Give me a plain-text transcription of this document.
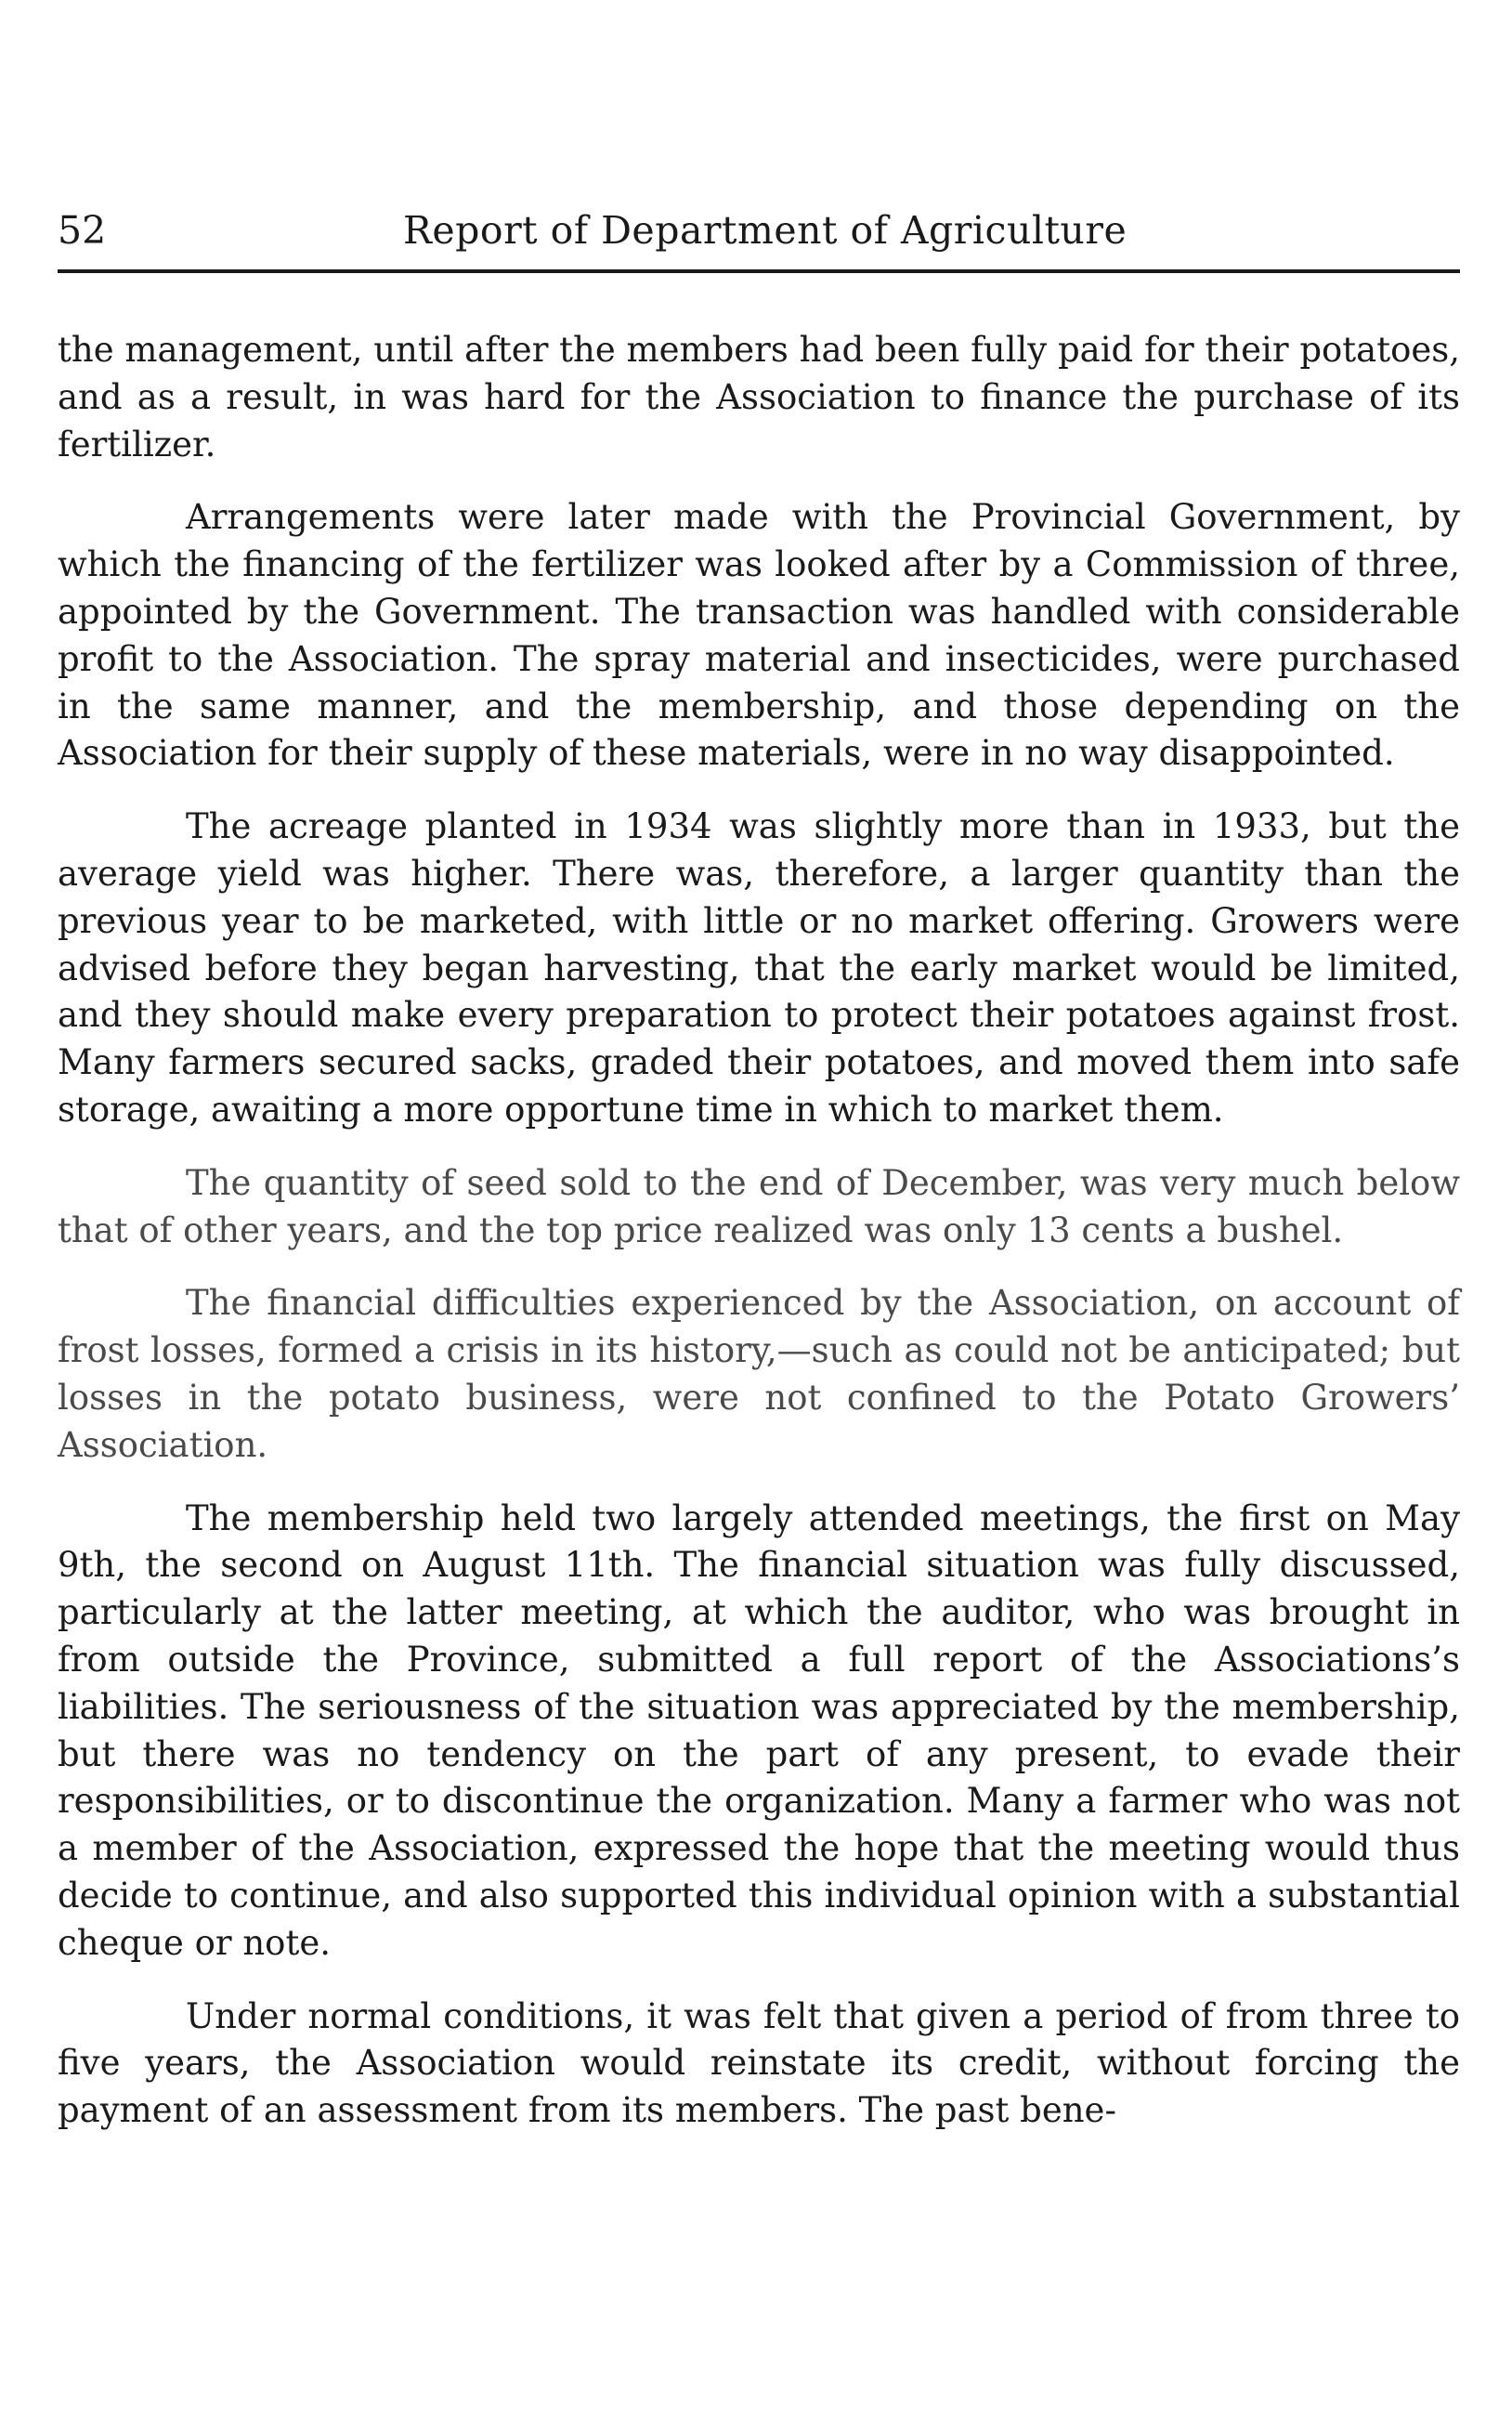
52	Report of Department of Agriculture

the management, until after the members had been fully paid for their potatoes, and as a result, in was hard for the Association to finance the purchase of its fertilizer.

Arrangements were later made with the Provincial Government, by which the financing of the fertilizer was looked after by a Commission of three, appointed by the Government. The transaction was handled with considerable profit to the Association. The spray material and insecticides, were purchased in the same manner, and the membership, and those depending on the Association for their supply of these materials, were in no way disappointed.

The acreage planted in 1934 was slightly more than in 1933, but the average yield was higher. There was, therefore, a larger quantity than the previous year to be marketed, with little or no market offering. Growers were advised before they began harvesting, that the early market would be limited, and they should make every preparation to protect their potatoes against frost. Many farmers secured sacks, graded their potatoes, and moved them into safe storage, awaiting a more opportune time in which to market them.

The quantity of seed sold to the end of December, was very much below that of other years, and the top price realized was only 13 cents a bushel.

The financial difficulties experienced by the Association, on account of frost losses, formed a crisis in its history,—such as could not be anticipated; but losses in the potato business, were not confined to the Potato Growers’ Association.

The membership held two largely attended meetings, the first on May 9th, the second on August 11th. The financial situation was fully discussed, particularly at the latter meeting, at which the auditor, who was brought in from outside the Province, submitted a full report of the Associations’s liabilities. The seriousness of the situation was appreciated by the membership, but there was no tendency on the part of any present, to evade their responsibilities, or to discontinue the organization. Many a farmer who was not a member of the Association, expressed the hope that the meeting would thus decide to continue, and also supported this individual opinion with a substantial cheque or note.

Under normal conditions, it was felt that given a period of from three to five years, the Association would reinstate its credit, without forcing the payment of an assessment from its members. The past bene-
